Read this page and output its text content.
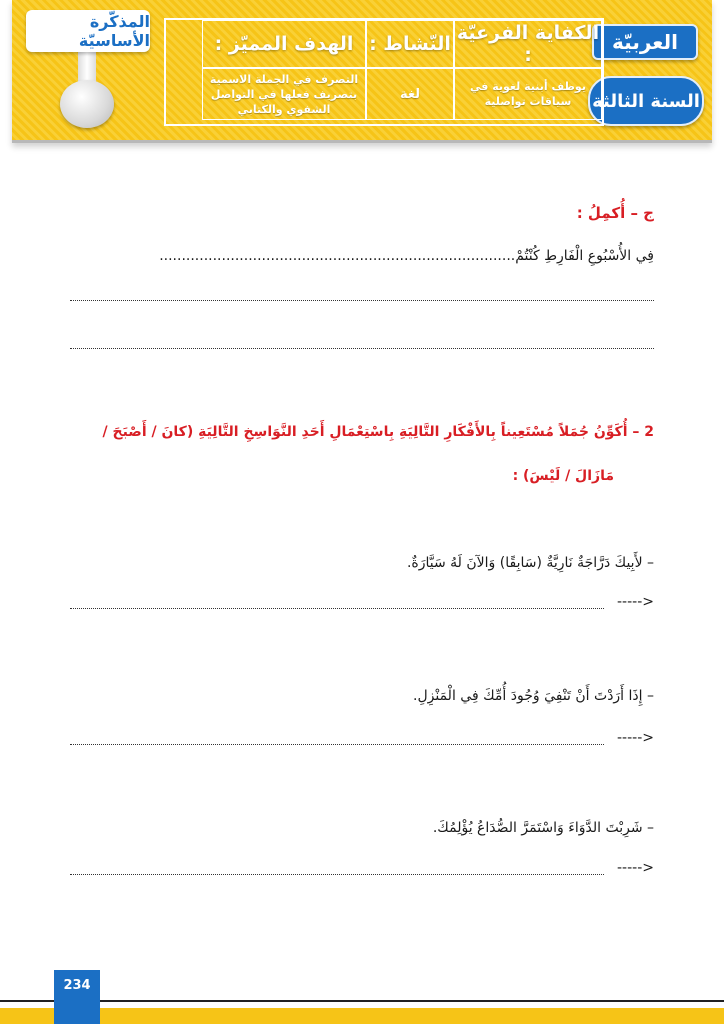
العربيّة
السنة الثالثة
الكفاية الفرعيّة :
النّشاط :
الهدف المميّز :
يوظف أبنية لغوية في سياقات تواصلية
لغة
التصرف في الجملة الاسمية بتصريف فعلها في التواصل الشفوي والكتابي
المذكّرة الأساسيّة
ج – أُكمِلُ :
فِي الأُسْبُوعِ الْفَارِطِ كُنْتُمْ................................................................................
2 – أُكَوِّنُ جُمَلاً مُسْتَعِيناً بِالأَفْكَارِ التَّالِيَةِ بِاسْتِعْمَالِ أَحَدِ النَّوَاسِخِ التَّالِيَةِ (كانَ / أَصْبَحَ /
مَازَالَ / لَيْسَ) :
– لأَبِيكَ دَرَّاجَةٌ نَارِيَّةٌ (سَابِقًا) وَالآنَ لَهُ سَيَّارَةٌ.
<-----
– إِذَا أَرَدْتَ أَنْ تَنْفِيَ وُجُودَ أُمِّكَ فِي الْمَنْزِلِ.
<-----
– شَرِبْتَ الدَّوَاءَ وَاسْتَمَرَّ الصُّدَاعُ يُؤْلِمُكَ.
<-----
234
